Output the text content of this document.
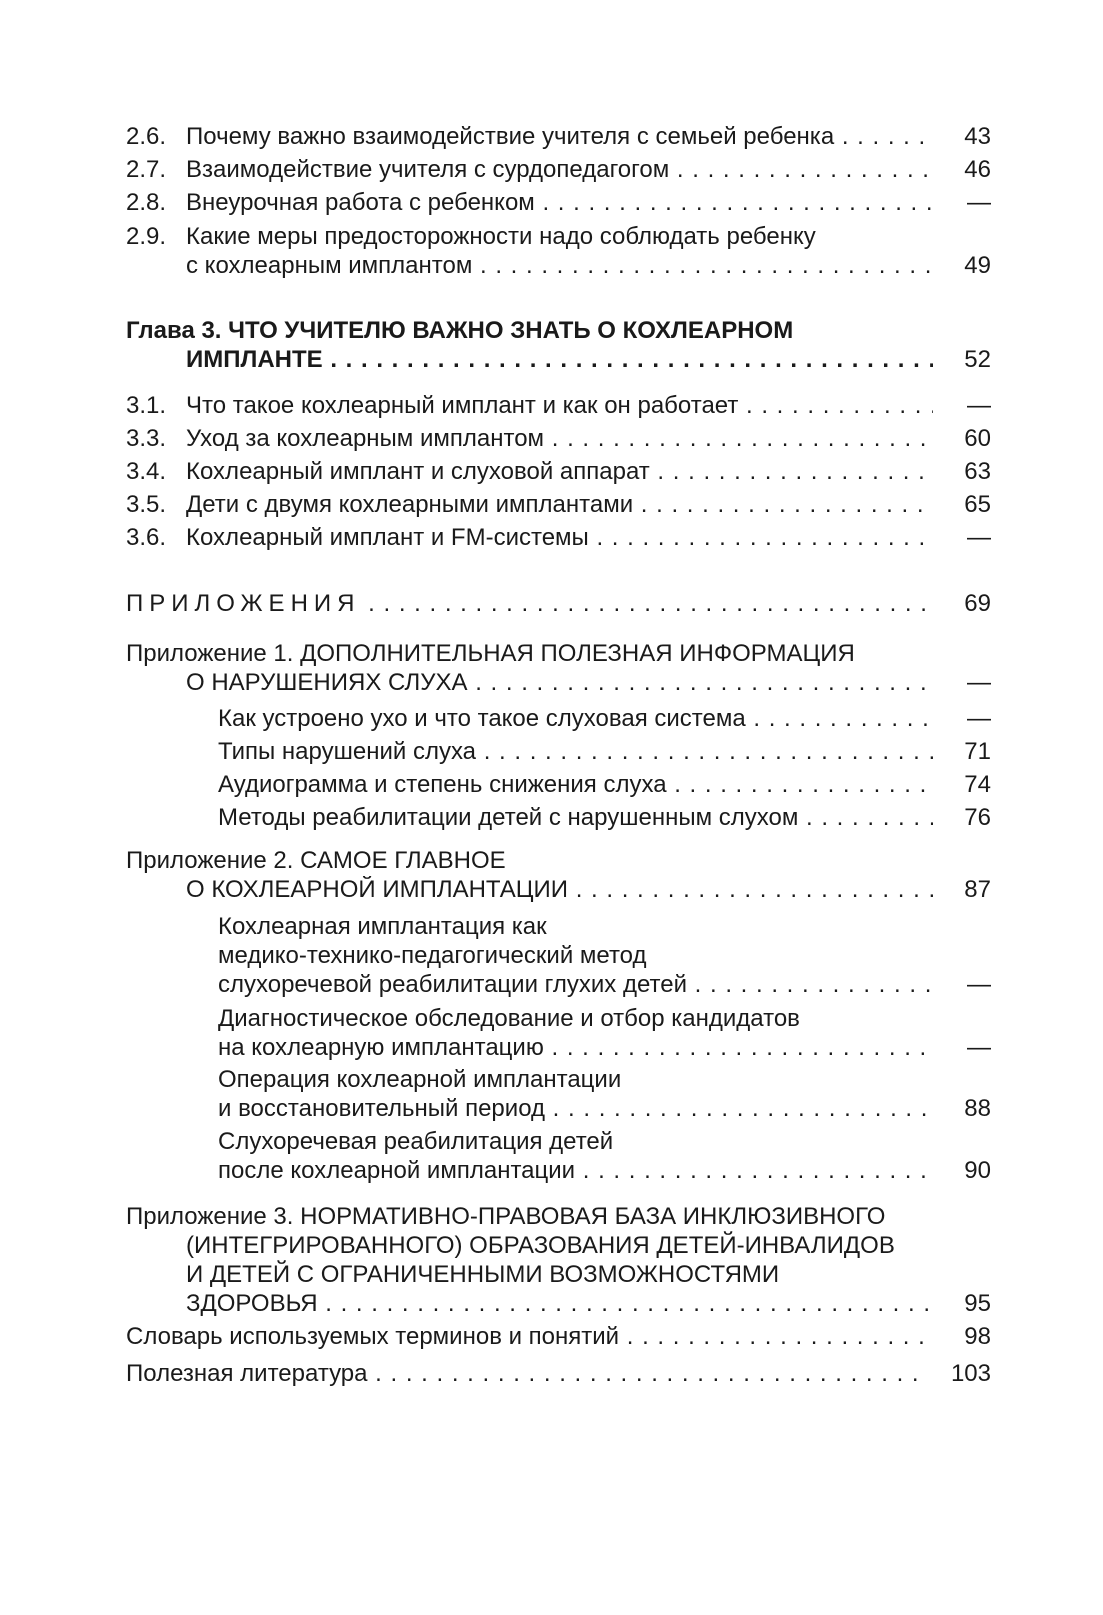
2.6. Почему важно взаимодействие учителя с семьей ребенка . . .	43
2.7. Взаимодействие учителя с сурдопедагогом . . .	46
2.8. Внеурочная работа с ребенком . . .	—
2.9. Какие меры предосторожности надо соблюдать ребенку
с кохлеарным имплантом . . .	49
Глава 3. ЧТО УЧИТЕЛЮ ВАЖНО ЗНАТЬ О КОХЛЕАРНОМ
ИМПЛАНТЕ . . .	52
3.1. Что такое кохлеарный имплант и как он работает . . .	—
3.3. Уход за кохлеарным имплантом . . .	60
3.4. Кохлеарный имплант и слуховой аппарат . . .	63
3.5. Дети с двумя кохлеарными имплантами . . .	65
3.6. Кохлеарный имплант и FM-системы . . .	—
ПРИЛОЖЕНИЯ . . .	69
Приложение 1. ДОПОЛНИТЕЛЬНАЯ ПОЛЕЗНАЯ ИНФОРМАЦИЯ
О НАРУШЕНИЯХ СЛУХА . . .	—
Как устроено ухо и что такое слуховая система . . .	—
Типы нарушений слуха . . .	71
Аудиограмма и степень снижения слуха . . .	74
Методы реабилитации детей с нарушенным слухом . . .	76
Приложение 2. САМОЕ ГЛАВНОЕ
О КОХЛЕАРНОЙ ИМПЛАНТАЦИИ . . .	87
Кохлеарная имплантация как
медико-технико-педагогический метод
слухоречевой реабилитации глухих детей . . .	—
Диагностическое обследование и отбор кандидатов
на кохлеарную имплантацию . . .	—
Операция кохлеарной имплантации
и восстановительный период . . .	88
Слухоречевая реабилитация детей
после кохлеарной имплантации . . .	90
Приложение 3. НОРМАТИВНО-ПРАВОВАЯ БАЗА ИНКЛЮЗИВНОГО
(ИНТЕГРИРОВАННОГО) ОБРАЗОВАНИЯ ДЕТЕЙ-ИНВАЛИДОВ
И ДЕТЕЙ С ОГРАНИЧЕННЫМИ ВОЗМОЖНОСТЯМИ
ЗДОРОВЬЯ . . .	95
Словарь используемых терминов и понятий . . .	98
Полезная литература . . .	103
